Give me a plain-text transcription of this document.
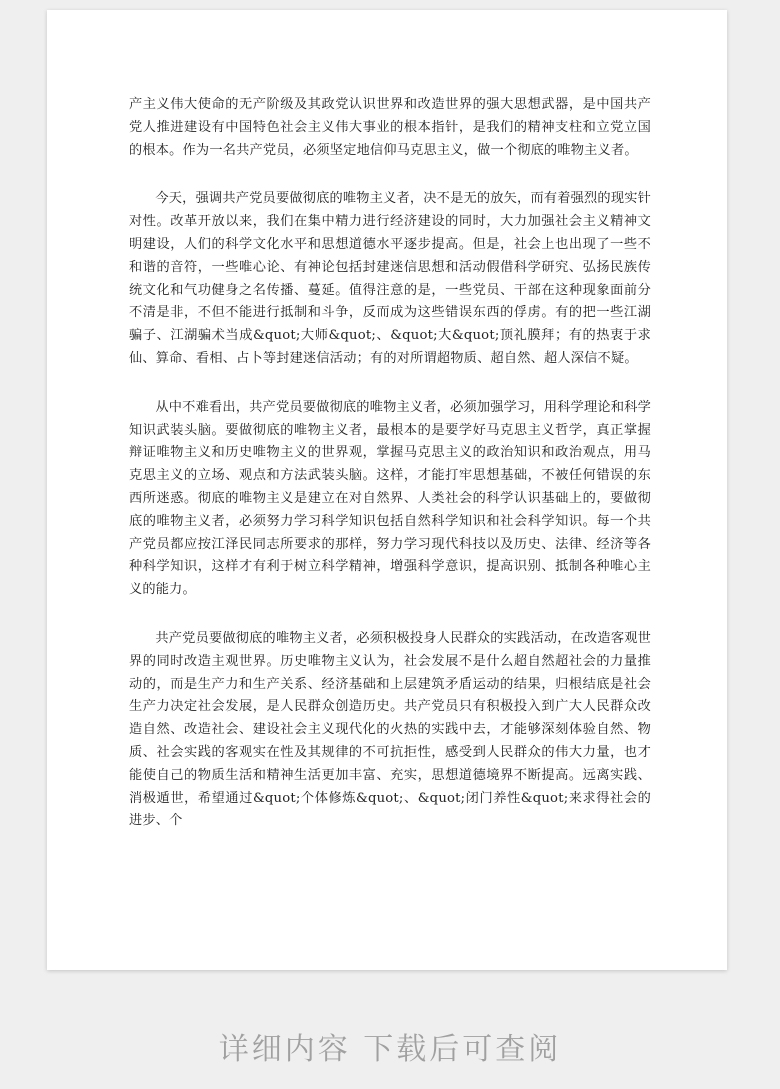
产主义伟大使命的无产阶级及其政党认识世界和改造世界的强大思想武器，是中国共产党人推进建设有中国特色社会主义伟大事业的根本指针，是我们的精神支柱和立党立国的根本。作为一名共产党员，必须坚定地信仰马克思主义，做一个彻底的唯物主义者。

今天，强调共产党员要做彻底的唯物主义者，决不是无的放矢，而有着强烈的现实针对性。改革开放以来，我们在集中精力进行经济建设的同时，大力加强社会主义精神文明建设，人们的科学文化水平和思想道德水平逐步提高。但是，社会上也出现了一些不和谐的音符，一些唯心论、有神论包括封建迷信思想和活动假借科学研究、弘扬民族传统文化和气功健身之名传播、蔓延。值得注意的是，一些党员、干部在这种现象面前分不清是非，不但不能进行抵制和斗争，反而成为这些错误东西的俘虏。有的把一些江湖骗子、江湖骗术当成&quot;大师&quot;、&quot;大&quot;顶礼膜拜；有的热衷于求仙、算命、看相、占卜等封建迷信活动；有的对所谓超物质、超自然、超人深信不疑。

从中不难看出，共产党员要做彻底的唯物主义者，必须加强学习，用科学理论和科学知识武装头脑。要做彻底的唯物主义者，最根本的是要学好马克思主义哲学，真正掌握辩证唯物主义和历史唯物主义的世界观，掌握马克思主义的政治知识和政治观点，用马克思主义的立场、观点和方法武装头脑。这样，才能打牢思想基础，不被任何错误的东西所迷惑。彻底的唯物主义是建立在对自然界、人类社会的科学认识基础上的，要做彻底的唯物主义者，必须努力学习科学知识包括自然科学知识和社会科学知识。每一个共产党员都应按江泽民同志所要求的那样，努力学习现代科技以及历史、法律、经济等各种科学知识，这样才有利于树立科学精神，增强科学意识，提高识别、抵制各种唯心主义的能力。

共产党员要做彻底的唯物主义者，必须积极投身人民群众的实践活动，在改造客观世界的同时改造主观世界。历史唯物主义认为，社会发展不是什么超自然超社会的力量推动的，而是生产力和生产关系、经济基础和上层建筑矛盾运动的结果，归根结底是社会生产力决定社会发展，是人民群众创造历史。共产党员只有积极投入到广大人民群众改造自然、改造社会、建设社会主义现代化的火热的实践中去，才能够深刻体验自然、物质、社会实践的客观实在性及其规律的不可抗拒性，感受到人民群众的伟大力量，也才能使自己的物质生活和精神生活更加丰富、充实，思想道德境界不断提高。远离实践、消极遁世，希望通过&quot;个体修炼&quot;、&quot;闭门养性&quot;来求得社会的进步、个

详细内容 下载后可查阅
